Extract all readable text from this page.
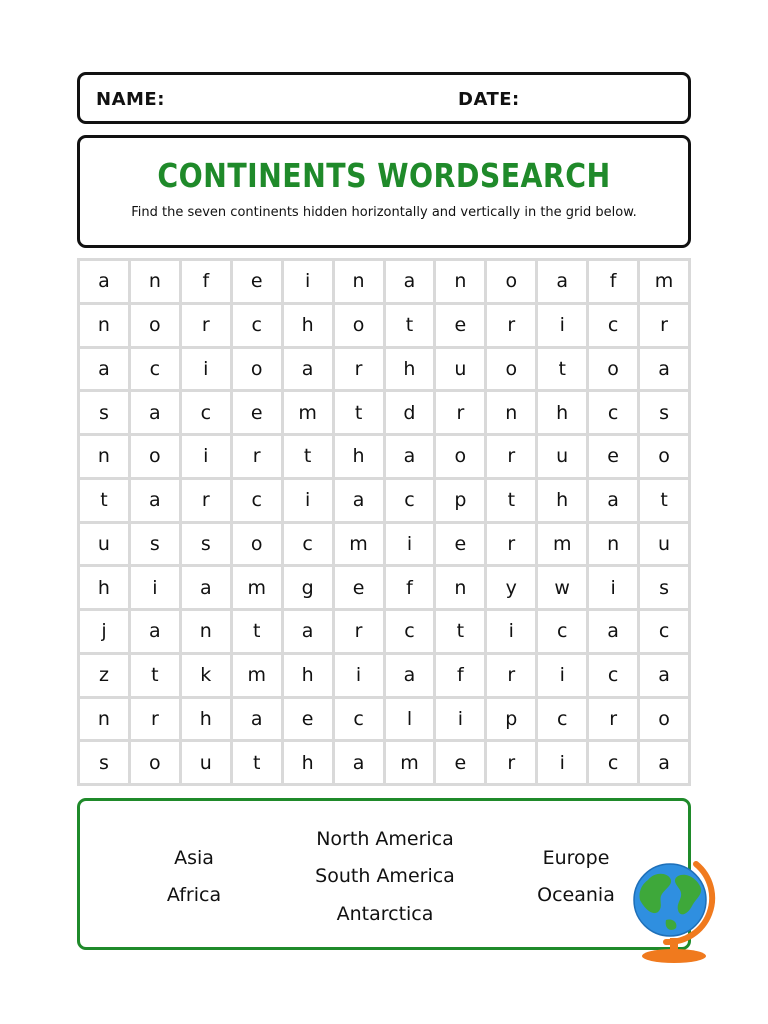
NAME:	DATE:
CONTINENTS WORDSEARCH
Find the seven continents hidden horizontally and vertically in the grid below.
a	n	f	e	i	n	a	n	o	a	f	m
n	o	r	c	h	o	t	e	r	i	c	r
a	c	i	o	a	r	h	u	o	t	o	a
s	a	c	e	m	t	d	r	n	h	c	s
n	o	i	r	t	h	a	o	r	u	e	o
t	a	r	c	i	a	c	p	t	h	a	t
u	s	s	o	c	m	i	e	r	m	n	u
h	i	a	m	g	e	f	n	y	w	i	s
j	a	n	t	a	r	c	t	i	c	a	c
z	t	k	m	h	i	a	f	r	i	c	a
n	r	h	a	e	c	l	i	p	c	r	o
s	o	u	t	h	a	m	e	r	i	c	a
Asia
Africa
North America
South America
Antarctica
Europe
Oceania
